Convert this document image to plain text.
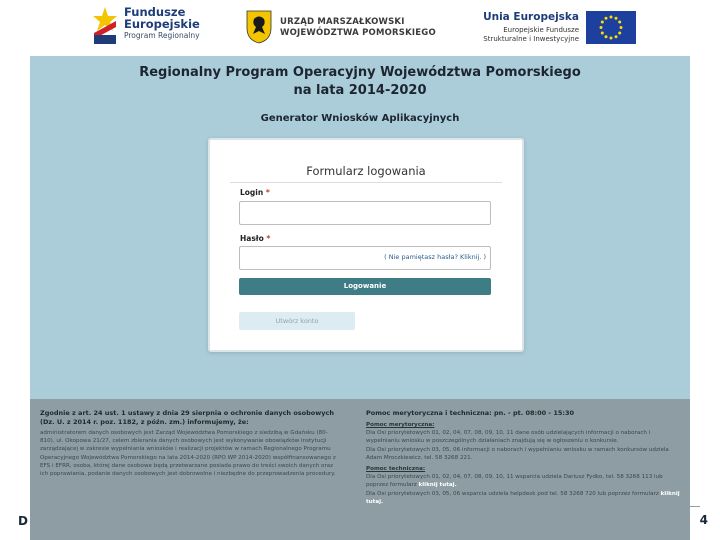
D	4
Fundusze
Europejskie
Program Regionalny
URZĄD MARSZAŁKOWSKI
WOJEWÓDZTWA POMORSKIEGO
Unia Europejska
Europejskie Fundusze
Strukturalne i Inwestycyjne
Regionalny Program Operacyjny Województwa Pomorskiego
na lata 2014-2020
Generator Wniosków Aplikacyjnych
Formularz logowania
Login *
Hasło *
( Nie pamiętasz hasła? Kliknij. )
Logowanie
Utwórz konto
Zgodnie z art. 24 ust. 1 ustawy z dnia 29 sierpnia o ochronie danych osobowych (Dz. U. z 2014 r. poz. 1182, z późn. zm.) informujemy, że:
administratorem danych osobowych jest Zarząd Województwa Pomorskiego z siedzibą w Gdańsku (80-810), ul. Okopowa 21/27, celem zbierania danych osobowych jest wykonywanie obowiązków instytucji zarządzającej w zakresie wypełniania wniosków i realizacji projektów w ramach Regionalnego Programu Operacyjnego Województwa Pomorskiego na lata 2014-2020 (RPO WP 2014-2020) współfinansowanego z EFS i EFRR, osoba, której dane osobowe będą przetwarzane posiada prawo do treści swoich danych oraz ich poprawiania, podanie danych osobowych jest dobrowolne i niezbędne do przeprowadzenia procedury.
Pomoc merytoryczna i techniczna: pn. - pt. 08:00 - 15:30
Pomoc merytoryczna:
Dla Osi priorytetowych 01, 02, 04, 07, 08, 09, 10, 11 dane osób udzielających informacji o naborach i wypełnianiu wniosku w poszczególnych działaniach znajdują się w ogłoszeniu o konkursie.
Dla Osi priorytetowych 03, 05, 06 informacji o naborach i wypełnianiu wniosku w ramach konkursów udziela Adam Mroczkiewicz, tel. 58 3268 221.
Pomoc techniczna:
Dla Osi priorytetowych 01, 02, 04, 07, 08, 09, 10, 11 wsparcia udziela Dariusz Fydko, tel. 58 3268 113 lub poprzez formularz kliknij tutaj.
Dla Osi priorytetowych 03, 05, 06 wsparcia udziela helpdesk pod tel. 58 3268 720 lub poprzez formularz kliknij tutaj.
